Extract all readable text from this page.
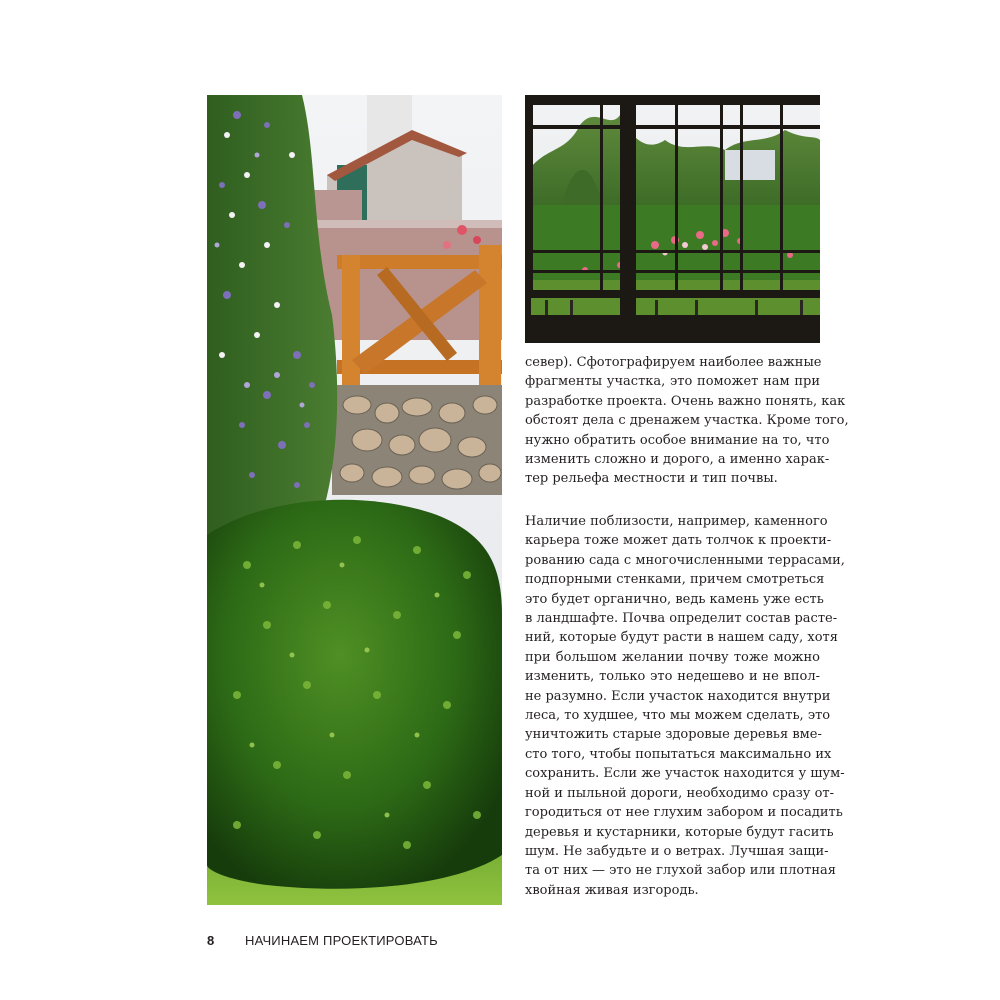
север). Сфотографируем наиболее важные
фрагменты участка, это поможет нам при
разработке проекта. Очень важно понять, как
обстоят дела с дренажем участка. Кроме того,
нужно обратить особое внимание на то, что
изменить сложно и дорого, а именно харак-
тер рельефа местности и тип почвы.
Наличие поблизости, например, каменного
карьера тоже может дать толчок к проекти-
рованию сада с многочисленными террасами,
подпорными стенками, причем смотреться
это будет органично, ведь камень уже есть
в ландшафте. Почва определит состав расте-
ний, которые будут расти в нашем саду, хотя
при большом желании почву тоже можно
изменить, только это недешево и не впол-
не разумно. Если участок находится внутри
леса, то худшее, что мы можем сделать, это
уничтожить старые здоровые деревья вме-
сто того, чтобы попытаться максимально их
сохранить. Если же участок находится у шум-
ной и пыльной дороги, необходимо сразу от-
городиться от нее глухим забором и посадить
деревья и кустарники, которые будут гасить
шум. Не забудьте и о ветрах. Лучшая защи-
та от них — это не глухой забор или плотная
хвойная живая изгородь.
8	НАЧИНАЕМ ПРОЕКТИРОВАТЬ
